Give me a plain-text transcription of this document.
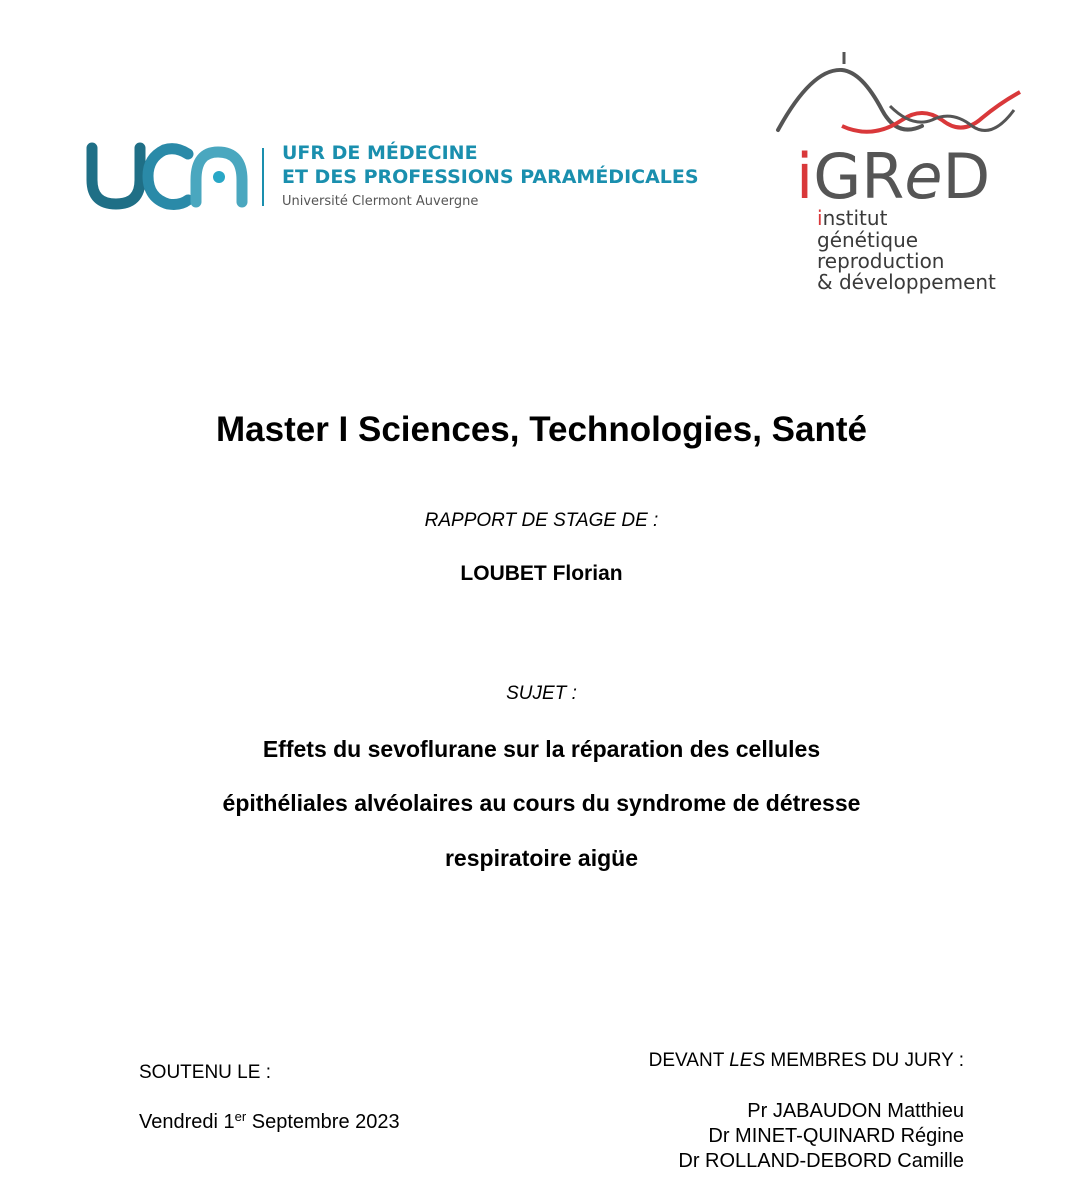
UFR DE MÉDECINE
ET DES PROFESSIONS PARAMÉDICALES
Université Clermont Auvergne	iGReD
institut
génétique
reproduction
& développement
Master I Sciences, Technologies, Santé
RAPPORT DE STAGE DE :
LOUBET Florian
SUJET :
Effets du sevoflurane sur la réparation des cellules
épithéliales alvéolaires au cours du syndrome de détresse
respiratoire aigüe
SOUTENU LE :
Vendredi 1er Septembre 2023
DEVANT LES MEMBRES DU JURY :
Pr JABAUDON Matthieu
Dr MINET-QUINARD Régine
Dr ROLLAND-DEBORD Camille
